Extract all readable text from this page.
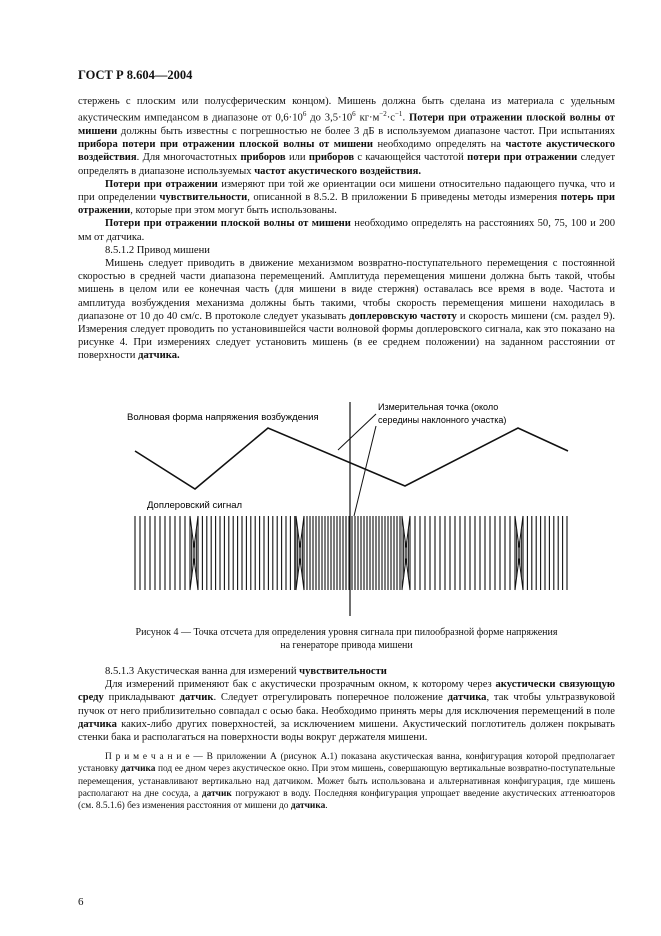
ГОСТ Р 8.604—2004

стержень с плоским или полусферическим концом). Мишень должна быть сделана из материала с удельным акустическим импедансом в диапазоне от $0,6\cdot 10^6$ до $3,5\cdot 10^6$ $кг\cdot м^{-2}\cdot с^{-1}$. Потери при отражении плоской волны от мишени должны быть известны с погрешностью не более 3 дБ в используемом диапазоне частот. При испытаниях прибора потери при отражении плоской волны от мишени необходимо определять на частоте акустического воздействия. Для многочастотных приборов или приборов с качающейся частотой потери при отражении следует определять в диапазоне используемых частот акустического воздействия.

Потери при отражении измеряют при той же ориентации оси мишени относительно падающего пучка, что и при определении чувствительности, описанной в 8.5.2. В приложении Б приведены методы измерения потерь при отражении, которые при этом могут быть использованы.

Потери при отражении плоской волны от мишени необходимо определять на расстояниях 50, 75, 100 и 200 мм от датчика.

8.5.1.2 Привод мишени

Мишень следует приводить в движение механизмом возвратно-поступательного перемещения с постоянной скоростью в средней части диапазона перемещений. Амплитуда перемещения мишени должна быть такой, чтобы мишень в целом или ее конечная часть (для мишени в виде стержня) оставалась все время в воде. Частота и амплитуда возбуждения механизма должны быть такими, чтобы скорость перемещения мишени находилась в диапазоне от 10 до 40 см/с. В протоколе следует указывать доплеровскую частоту и скорость мишени (см. раздел 9). Измерения следует проводить по установившейся части волновой формы доплеровского сигнала, как это показано на рисунке 4. При измерениях следует установить мишень (в ее среднем положении) на заданном расстоянии от поверхности датчика.

Волновая форма напряжения возбуждения
Измерительная точка (около
середины наклонного участка)
Доплеровский сигнал
Рисунок 4 — Точка отсчета для определения уровня сигнала при пилообразной форме напряжения
на генераторе привода мишени

8.5.1.3 Акустическая ванна для измерений чувствительности

Для измерений применяют бак с акустически прозрачным окном, к которому через акустически связующую среду прикладывают датчик. Следует отрегулировать поперечное положение датчика, так чтобы ультразвуковой пучок от него приблизительно совпадал с осью бака. Необходимо принять меры для исключения перемещений в поле датчика каких-либо других поверхностей, за исключением мишени. Акустический поглотитель должен покрывать стенки бака и располагаться на поверхности воды вокруг держателя мишени.

П р и м е ч а н и е — В приложении А (рисунок А.1) показана акустическая ванна, конфигурация которой предполагает установку датчика под ее дном через акустическое окно. При этом мишень, совершающую вертикальные возвратно-поступательные перемещения, устанавливают вертикально над датчиком. Может быть использована и альтернативная конфигурация, где мишень располагают на дне сосуда, а датчик погружают в воду. Последняя конфигурация упрощает введение акустических аттенюаторов (см. 8.5.1.6) без изменения расстояния от мишени до датчика.

6
